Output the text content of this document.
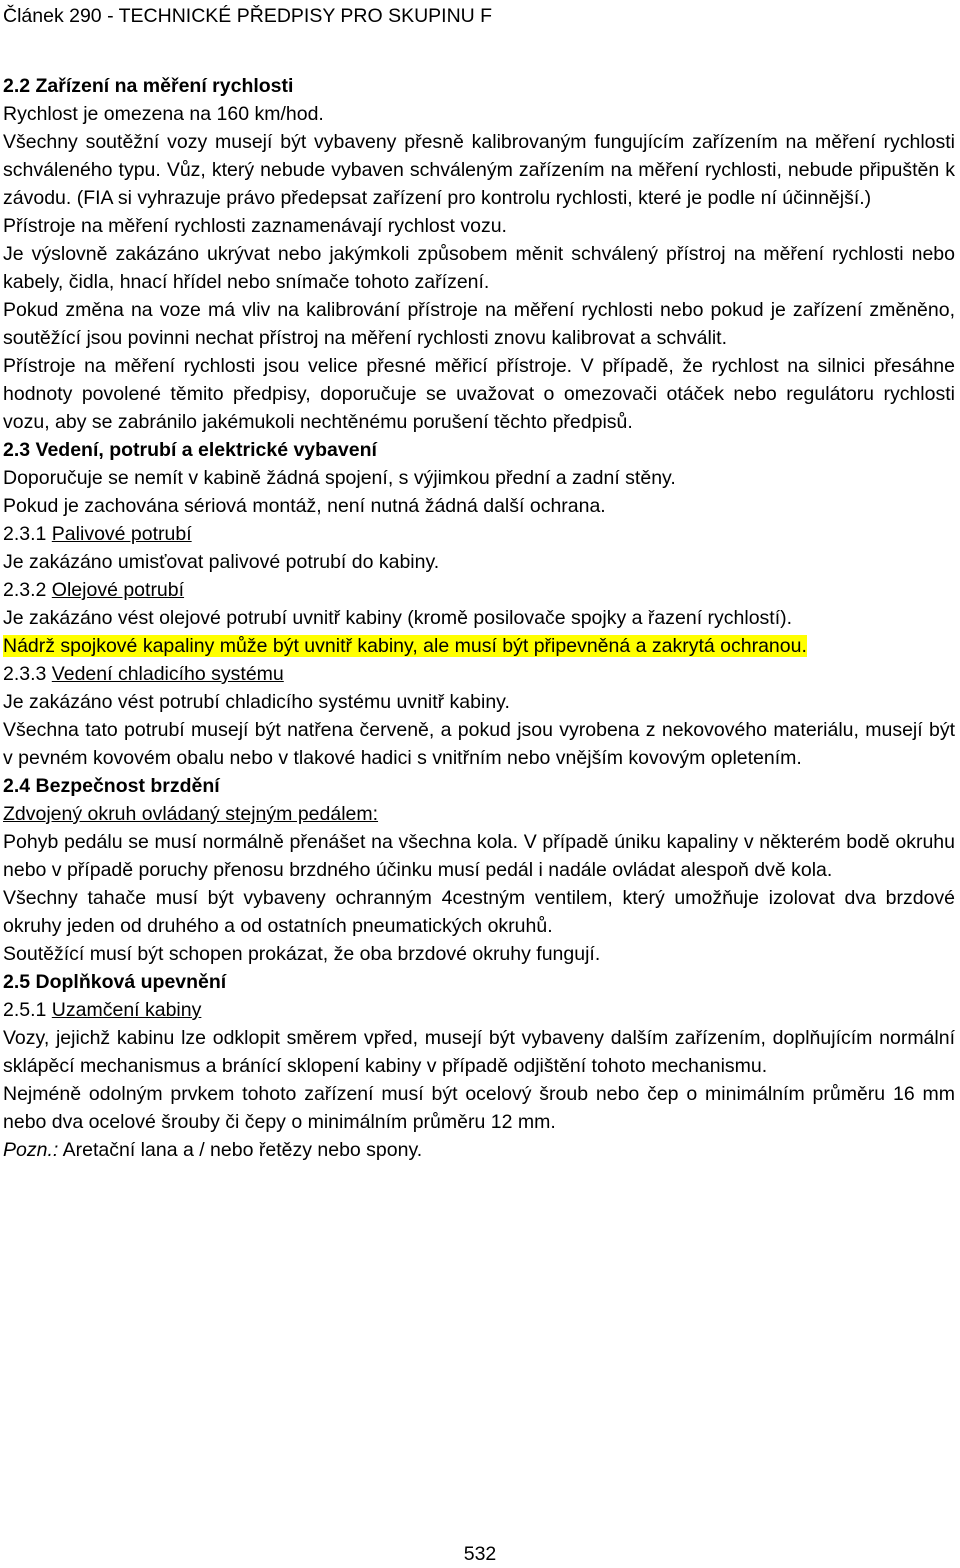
Článek 290 - TECHNICKÉ PŘEDPISY PRO SKUPINU F

2.2 Zařízení na měření rychlosti

Rychlost je omezena na 160 km/hod.

Všechny soutěžní vozy musejí být vybaveny přesně kalibrovaným fungujícím zařízením na měření rychlosti schváleného typu. Vůz, který nebude vybaven schváleným zařízením na měření rychlosti, nebude připuštěn k závodu. (FIA si vyhrazuje právo předepsat zařízení pro kontrolu rychlosti, které je podle ní účinnější.)

Přístroje na měření rychlosti zaznamenávají rychlost vozu.

Je výslovně zakázáno ukrývat nebo jakýmkoli způsobem měnit schválený přístroj na měření rychlosti nebo kabely, čidla, hnací hřídel nebo snímače tohoto zařízení.

Pokud změna na voze má vliv na kalibrování přístroje na měření rychlosti nebo pokud je zařízení změněno, soutěžící jsou povinni nechat přístroj na měření rychlosti znovu kalibrovat a schválit.

Přístroje na měření rychlosti jsou velice přesné měřicí přístroje. V případě, že rychlost na silnici přesáhne hodnoty povolené těmito předpisy, doporučuje se uvažovat o omezovači otáček nebo regulátoru rychlosti vozu, aby se zabránilo jakémukoli nechtěnému porušení těchto předpisů.

2.3 Vedení, potrubí a elektrické vybavení

Doporučuje se nemít v kabině žádná spojení, s výjimkou přední a zadní stěny.

Pokud je zachována sériová montáž, není nutná žádná další ochrana.

2.3.1 Palivové potrubí

Je zakázáno umisťovat palivové potrubí do kabiny.

2.3.2 Olejové potrubí

Je zakázáno vést olejové potrubí uvnitř kabiny (kromě posilovače spojky a řazení rychlostí).

Nádrž spojkové kapaliny může být uvnitř kabiny, ale musí být připevněná a zakrytá ochranou.

2.3.3 Vedení chladicího systému

Je zakázáno vést potrubí chladicího systému uvnitř kabiny.

Všechna tato potrubí musejí být natřena červeně, a pokud jsou vyrobena z nekovového materiálu, musejí být v pevném kovovém obalu nebo v tlakové hadici s vnitřním nebo vnějším kovovým opletením.

2.4 Bezpečnost brzdění

Zdvojený okruh ovládaný stejným pedálem:

Pohyb pedálu se musí normálně přenášet na všechna kola. V případě úniku kapaliny v některém bodě okruhu nebo v případě poruchy přenosu brzdného účinku musí pedál i nadále ovládat alespoň dvě kola.

Všechny tahače musí být vybaveny ochranným 4cestným ventilem, který umožňuje izolovat dva brzdové okruhy jeden od druhého a od ostatních pneumatických okruhů.

Soutěžící musí být schopen prokázat, že oba brzdové okruhy fungují.

2.5 Doplňková upevnění

2.5.1 Uzamčení kabiny

Vozy, jejichž kabinu lze odklopit směrem vpřed, musejí být vybaveny dalším zařízením, doplňujícím normální sklápěcí mechanismus a bránící sklopení kabiny v případě odjištění tohoto mechanismu.

Nejméně odolným prvkem tohoto zařízení musí být ocelový šroub nebo čep o minimálním průměru 16 mm nebo dva ocelové šrouby či čepy o minimálním průměru 12 mm.

Pozn.: Aretační lana a / nebo řetězy nebo spony.

532
